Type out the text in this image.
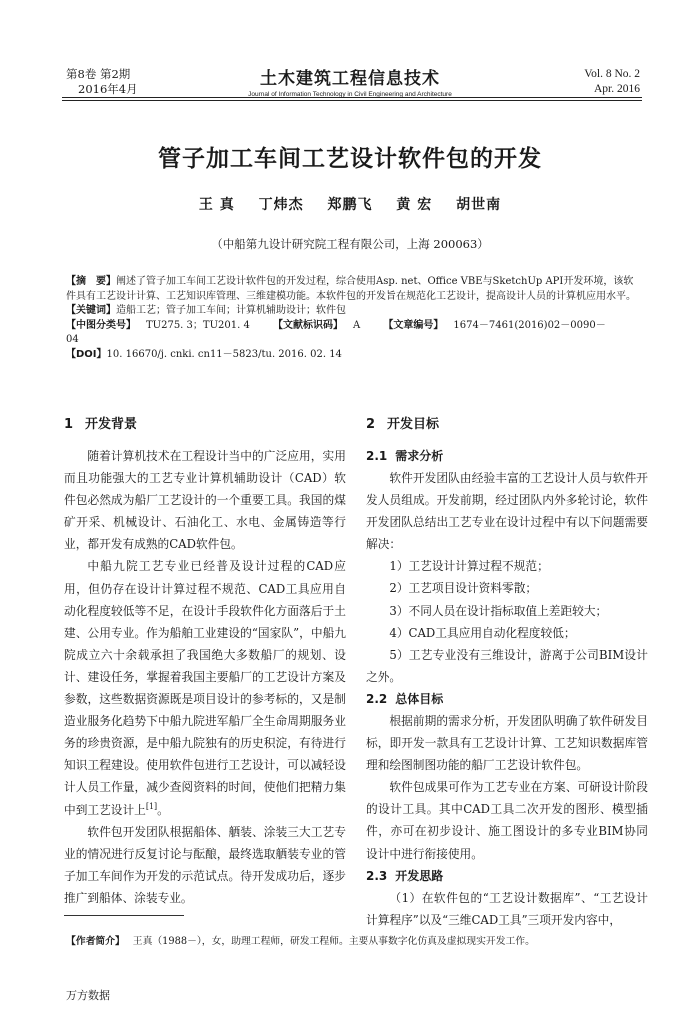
第8卷 第2期
2016年4月	土木建筑工程信息技术
Journal of Information Technology in Civil Engineering and Architecture
Vol. 8 No. 2
Apr. 2016
管子加工车间工艺设计软件包的开发
王 真 丁炜杰 郑鹏飞 黄 宏 胡世南
（中船第九设计研究院工程有限公司，上海 200063）
【摘　要】阐述了管子加工车间工艺设计软件包的开发过程，综合使用Asp. net、Office VBE与SketchUp API开发环境，该软件具有工艺设计计算、工艺知识库管理、三维建模功能。本软件包的开发旨在规范化工艺设计，提高设计人员的计算机应用水平。
【关键词】造船工艺；管子加工车间；计算机辅助设计；软件包
【中图分类号】 TU275. 3；TU201. 4 【文献标识码】 A 【文章编号】 1674－7461(2016)02－0090－04
【DOI】10. 16670/j. cnki. cn11－5823/tu. 2016. 02. 14
1 开发背景

随着计算机技术在工程设计当中的广泛应用，实用而且功能强大的工艺专业计算机辅助设计（CAD）软件包必然成为船厂工艺设计的一个重要工具。我国的煤矿开采、机械设计、石油化工、水电、金属铸造等行业，都开发有成熟的CAD软件包。

中船九院工艺专业已经普及设计过程的CAD应用，但仍存在设计计算过程不规范、CAD工具应用自动化程度较低等不足，在设计手段软件化方面落后于土建、公用专业。作为船舶工业建设的“国家队”，中船九院成立六十余载承担了我国绝大多数船厂的规划、设计、建设任务，掌握着我国主要船厂的工艺设计方案及参数，这些数据资源既是项目设计的参考标的，又是制造业服务化趋势下中船九院进军船厂全生命周期服务业务的珍贵资源，是中船九院独有的历史积淀，有待进行知识工程建设。使用软件包进行工艺设计，可以减轻设计人员工作量，减少查阅资料的时间，使他们把精力集中到工艺设计上[1]。

软件包开发团队根据船体、舾装、涂装三大工艺专业的情况进行反复讨论与酝酿，最终选取舾装专业的管子加工车间作为开发的示范试点。待开发成功后，逐步推广到船体、涂装专业。

2 开发目标
2.1 需求分析

软件开发团队由经验丰富的工艺设计人员与软件开发人员组成。开发前期，经过团队内外多轮讨论，软件开发团队总结出工艺专业在设计过程中有以下问题需要解决：

1）工艺设计计算过程不规范；

2）工艺项目设计资料零散；

3）不同人员在设计指标取值上差距较大；

4）CAD工具应用自动化程度较低；

5）工艺专业没有三维设计，游离于公司BIM设计之外。

2.2 总体目标

根据前期的需求分析，开发团队明确了软件研发目标，即开发一款具有工艺设计计算、工艺知识数据库管理和绘图制图功能的船厂工艺设计软件包。

软件包成果可作为工艺专业在方案、可研设计阶段的设计工具。其中CAD工具二次开发的图形、模型插件，亦可在初步设计、施工图设计的多专业BIM协同设计中进行衔接使用。

2.3 开发思路

（1）在软件包的“工艺设计数据库”、“工艺设计计算程序”以及“三维CAD工具”三项开发内容中，

【作者简介】 王真（1988－），女，助理工程师，研发工程师。主要从事数字化仿真及虚拟现实开发工作。
万方数据
